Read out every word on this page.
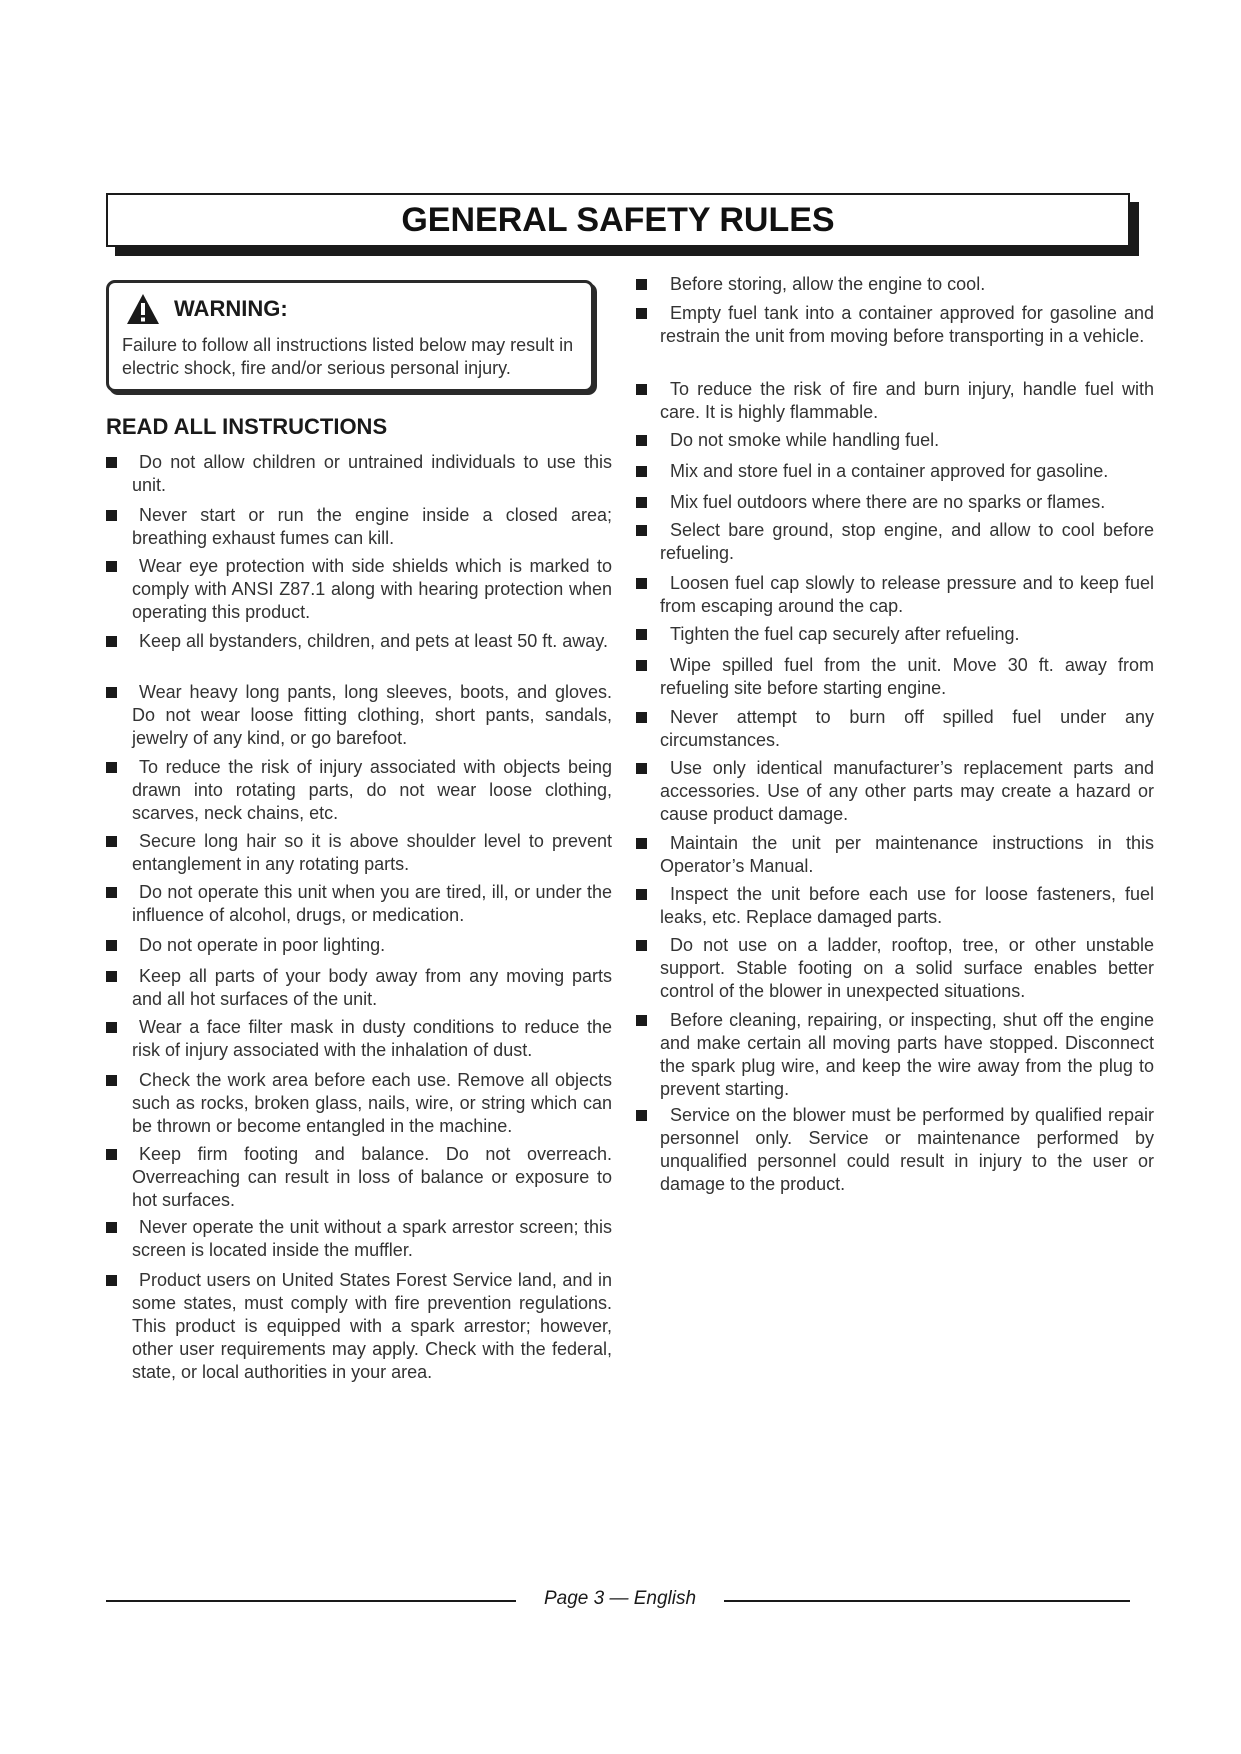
GENERAL SAFETY RULES
WARNING:
Failure to follow all instructions listed below may result in electric shock, fire and/or serious personal injury.
READ ALL INSTRUCTIONS
Do not allow children or untrained individuals to use this unit.
Never start or run the engine inside a closed area; breathing exhaust fumes can kill.
Wear eye protection with side shields which is marked to comply with ANSI Z87.1 along with hearing protection when operating this product.
Keep all bystanders, children, and pets at least 50 ft. away.
Wear heavy long pants, long sleeves, boots, and gloves. Do not wear loose fitting clothing, short pants, sandals, jewelry of any kind, or go barefoot.
To reduce the risk of injury associated with objects being drawn into rotating parts, do not wear loose clothing, scarves, neck chains, etc.
Secure long hair so it is above shoulder level to prevent entanglement in any rotating parts.
Do not operate this unit when you are tired, ill, or under the influence of alcohol, drugs, or medication.
Do not operate in poor lighting.
Keep all parts of your body away from any moving parts and all hot surfaces of the unit.
Wear a face filter mask in dusty conditions to reduce the risk of injury associated with the inhalation of dust.
Check the work area before each use. Remove all objects such as rocks, broken glass, nails, wire, or string which can be thrown or become entangled in the machine.
Keep firm footing and balance. Do not overreach. Overreaching can result in loss of balance or exposure to hot surfaces.
Never operate the unit without a spark arrestor screen; this screen is located inside the muffler.
Product users on United States Forest Service land, and in some states, must comply with fire prevention regulations. This product is equipped with a spark arrestor; however, other user requirements may apply. Check with the federal, state, or local authorities in your area.
Before storing, allow the engine to cool.
Empty fuel tank into a container approved for gasoline and restrain the unit from moving before transporting in a vehicle.
To reduce the risk of fire and burn injury, handle fuel with care. It is highly flammable.
Do not smoke while handling fuel.
Mix and store fuel in a container approved for gasoline.
Mix fuel outdoors where there are no sparks or flames.
Select bare ground, stop engine, and allow to cool before refueling.
Loosen fuel cap slowly to release pressure and to keep fuel from escaping around the cap.
Tighten the fuel cap securely after refueling.
Wipe spilled fuel from the unit. Move 30 ft. away from refueling site before starting engine.
Never attempt to burn off spilled fuel under any circumstances.
Use only identical manufacturer’s replacement parts and accessories. Use of any other parts may create a hazard or cause product damage.
Maintain the unit per maintenance instructions in this Operator’s Manual.
Inspect the unit before each use for loose fasteners, fuel leaks, etc. Replace damaged parts.
Do not use on a ladder, rooftop, tree, or other unstable support. Stable footing on a solid surface enables better control of the blower in unexpected situations.
Before cleaning, repairing, or inspecting, shut off the engine and make certain all moving parts have stopped. Disconnect the spark plug wire, and keep the wire away from the plug to prevent starting.
Service on the blower must be performed by qualified repair personnel only. Service or maintenance performed by unqualified personnel could result in injury to the user or damage to the product.
Page 3 — English
